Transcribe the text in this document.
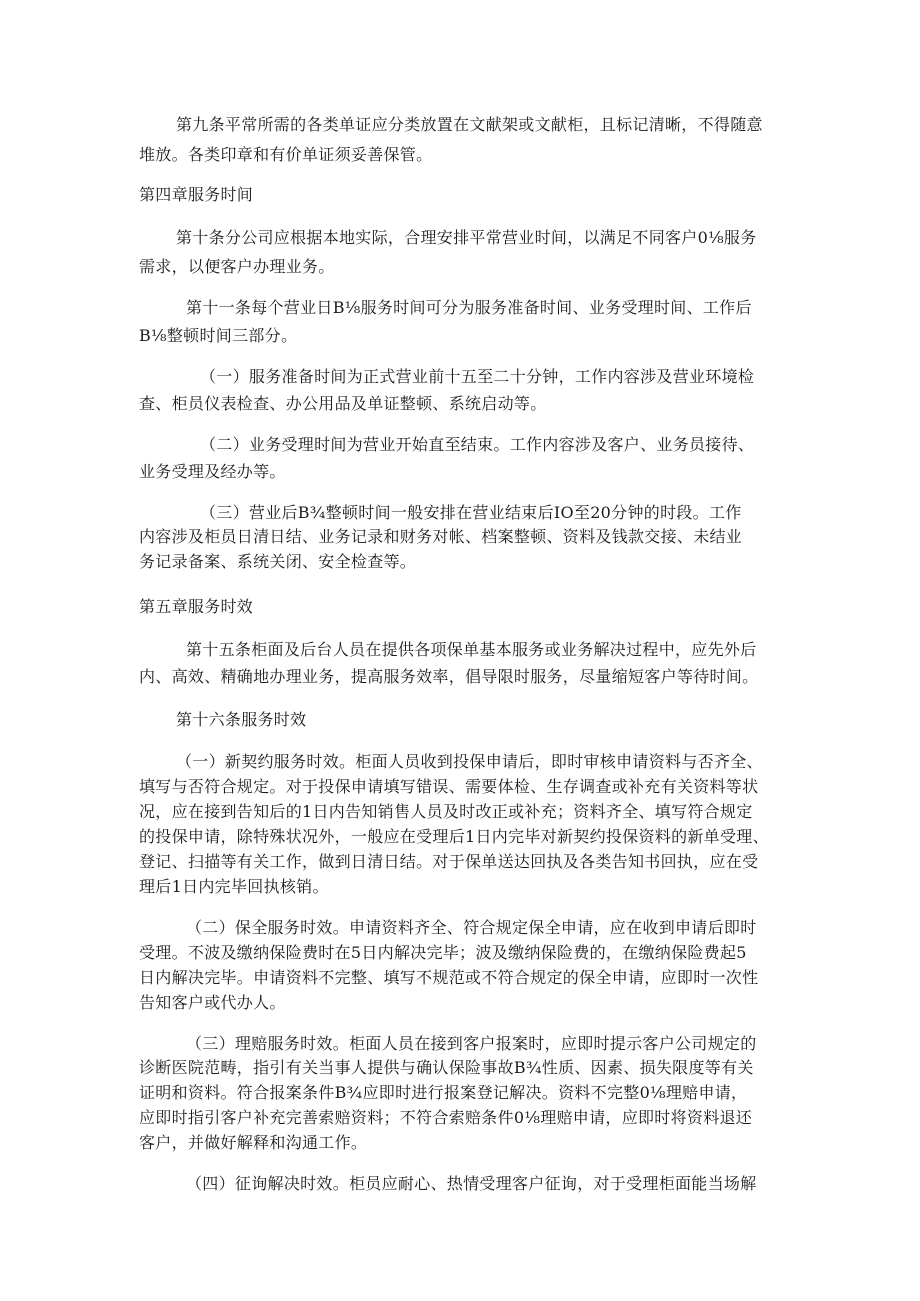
第九条平常所需的各类单证应分类放置在文献架或文献柜，且标记清晰，不得随意
堆放。各类印章和有价单证须妥善保管。
第四章服务时间
第十条分公司应根据本地实际，合理安排平常营业时间，以满足不同客户0⅛服务
需求，以便客户办理业务。
第十一条每个营业日B⅛服务时间可分为服务准备时间、业务受理时间、工作后
B⅛整顿时间三部分。
（一）服务准备时间为正式营业前十五至二十分钟，工作内容涉及营业环境检
查、柜员仪表检查、办公用品及单证整顿、系统启动等。
（二）业务受理时间为营业开始直至结束。工作内容涉及客户、业务员接待、
业务受理及经办等。
（三）营业后B¾整顿时间一般安排在营业结束后IO至20分钟的时段。工作
内容涉及柜员日清日结、业务记录和财务对帐、档案整顿、资料及钱款交接、未结业
务记录备案、系统关闭、安全检查等。
第五章服务时效
第十五条柜面及后台人员在提供各项保单基本服务或业务解决过程中，应先外后
内、高效、精确地办理业务，提高服务效率，倡导限时服务，尽量缩短客户等待时间。
第十六条服务时效
（一）新契约服务时效。柜面人员收到投保申请后，即时审核申请资料与否齐全、
填写与否符合规定。对于投保申请填写错误、需要体检、生存调查或补充有关资料等状
况，应在接到告知后的1日内告知销售人员及时改正或补充；资料齐全、填写符合规定
的投保申请，除特殊状况外，一般应在受理后1日内完毕对新契约投保资料的新单受理、
登记、扫描等有关工作，做到日清日结。对于保单送达回执及各类告知书回执，应在受
理后1日内完毕回执核销。
（二）保全服务时效。申请资料齐全、符合规定保全申请，应在收到申请后即时
受理。不波及缴纳保险费时在5日内解决完毕；波及缴纳保险费的，在缴纳保险费起5
日内解决完毕。申请资料不完整、填写不规范或不符合规定的保全申请，应即时一次性
告知客户或代办人。
（三）理赔服务时效。柜面人员在接到客户报案时，应即时提示客户公司规定的
诊断医院范畴，指引有关当事人提供与确认保险事故B¾性质、因素、损失限度等有关
证明和资料。符合报案条件B¾应即时进行报案登记解决。资料不完整0⅛理赔申请，
应即时指引客户补充完善索赔资料；不符合索赔条件0⅛理赔申请，应即时将资料退还
客户，并做好解释和沟通工作。
（四）征询解决时效。柜员应耐心、热情受理客户征询，对于受理柜面能当场解
